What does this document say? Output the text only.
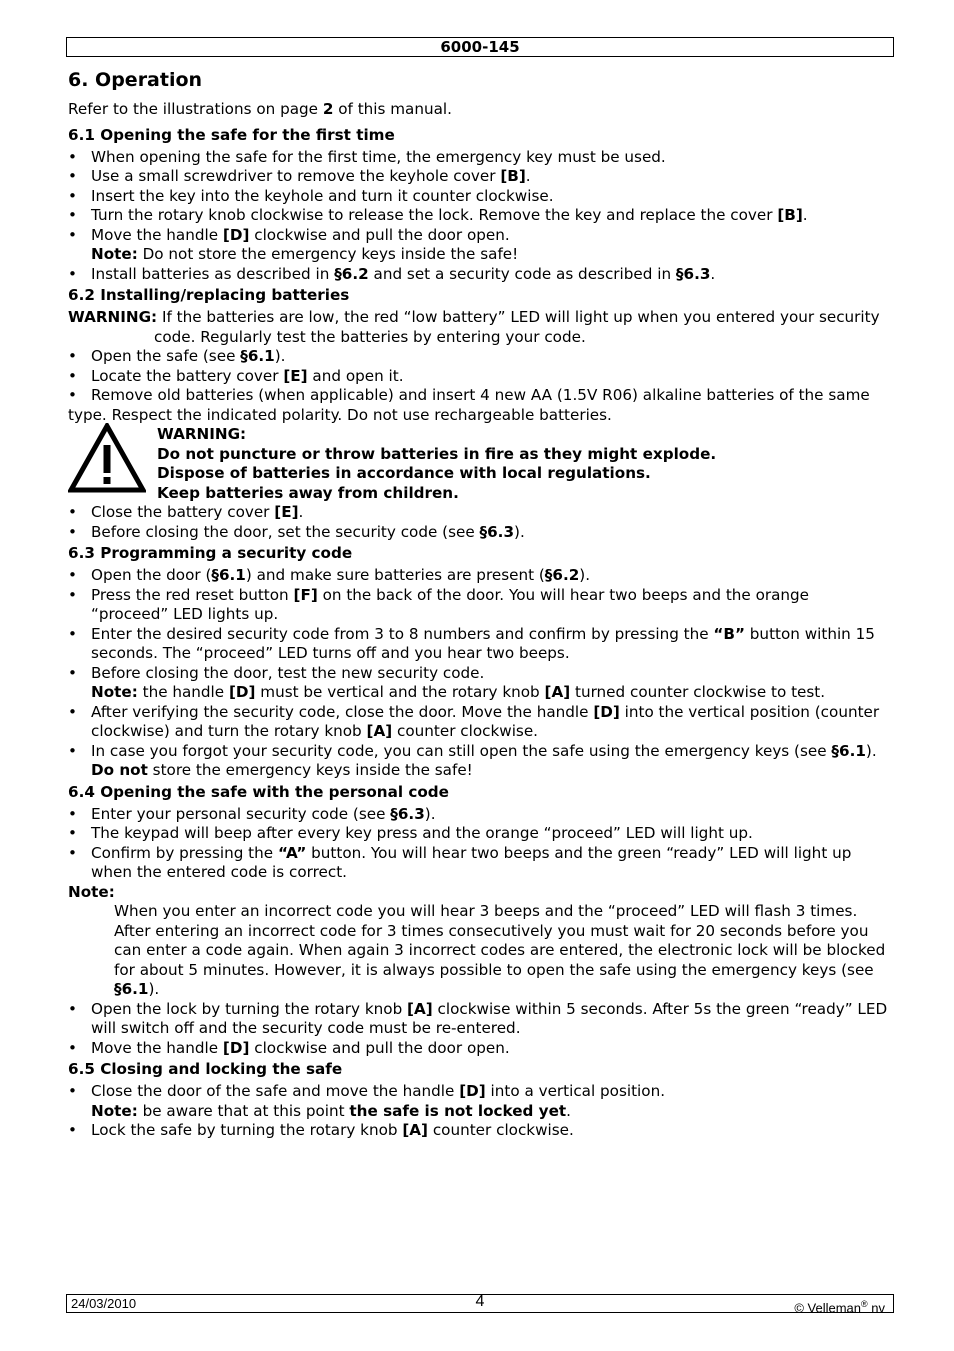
6000-145
6. Operation

Refer to the illustrations on page 2 of this manual.

6.1 Opening the safe for the first time
• When opening the safe for the first time, the emergency key must be used.
• Use a small screwdriver to remove the keyhole cover [B].
• Insert the key into the keyhole and turn it counter clockwise.
• Turn the rotary knob clockwise to release the lock. Remove the key and replace the cover [B].
• Move the handle [D] clockwise and pull the door open.
Note: Do not store the emergency keys inside the safe!
• Install batteries as described in §6.2 and set a security code as described in §6.3.
6.2 Installing/replacing batteries

WARNING: If the batteries are low, the red “low battery” LED will light up when you entered your security code. Regularly test the batteries by entering your code.

• Open the safe (see §6.1).
• Locate the battery cover [E] and open it.
• Remove old batteries (when applicable) and insert 4 new AA (1.5V R06) alkaline batteries of the same type. Respect the indicated polarity. Do not use rechargeable batteries.
WARNING:
Do not puncture or throw batteries in fire as they might explode.
Dispose of batteries in accordance with local regulations.
Keep batteries away from children.
• Close the battery cover [E].
• Before closing the door, set the security code (see §6.3).
6.3 Programming a security code
• Open the door (§6.1) and make sure batteries are present (§6.2).
• Press the red reset button [F] on the back of the door. You will hear two beeps and the orange “proceed” LED lights up.
• Enter the desired security code from 3 to 8 numbers and confirm by pressing the “B” button within 15 seconds. The “proceed” LED turns off and you hear two beeps.
• Before closing the door, test the new security code.
Note: the handle [D] must be vertical and the rotary knob [A] turned counter clockwise to test.
• After verifying the security code, close the door. Move the handle [D] into the vertical position (counter clockwise) and turn the rotary knob [A] counter clockwise.
• In case you forgot your security code, you can still open the safe using the emergency keys (see §6.1). Do not store the emergency keys inside the safe!
6.4 Opening the safe with the personal code
• Enter your personal security code (see §6.3).
• The keypad will beep after every key press and the orange “proceed” LED will light up.
• Confirm by pressing the “A” button. You will hear two beeps and the green “ready” LED will light up when the entered code is correct.

Note:

When you enter an incorrect code you will hear 3 beeps and the “proceed” LED will flash 3 times. After entering an incorrect code for 3 times consecutively you must wait for 20 seconds before you can enter a code again. When again 3 incorrect codes are entered, the electronic lock will be blocked for about 5 minutes. However, it is always possible to open the safe using the emergency keys (see §6.1).

• Open the lock by turning the rotary knob [A] clockwise within 5 seconds. After 5s the green “ready” LED will switch off and the security code must be re-entered.
• Move the handle [D] clockwise and pull the door open.
6.5 Closing and locking the safe
• Close the door of the safe and move the handle [D] into a vertical position.
Note: be aware that at this point the safe is not locked yet.
• Lock the safe by turning the rotary knob [A] counter clockwise.
24/03/2010	4	© Velleman® nv
